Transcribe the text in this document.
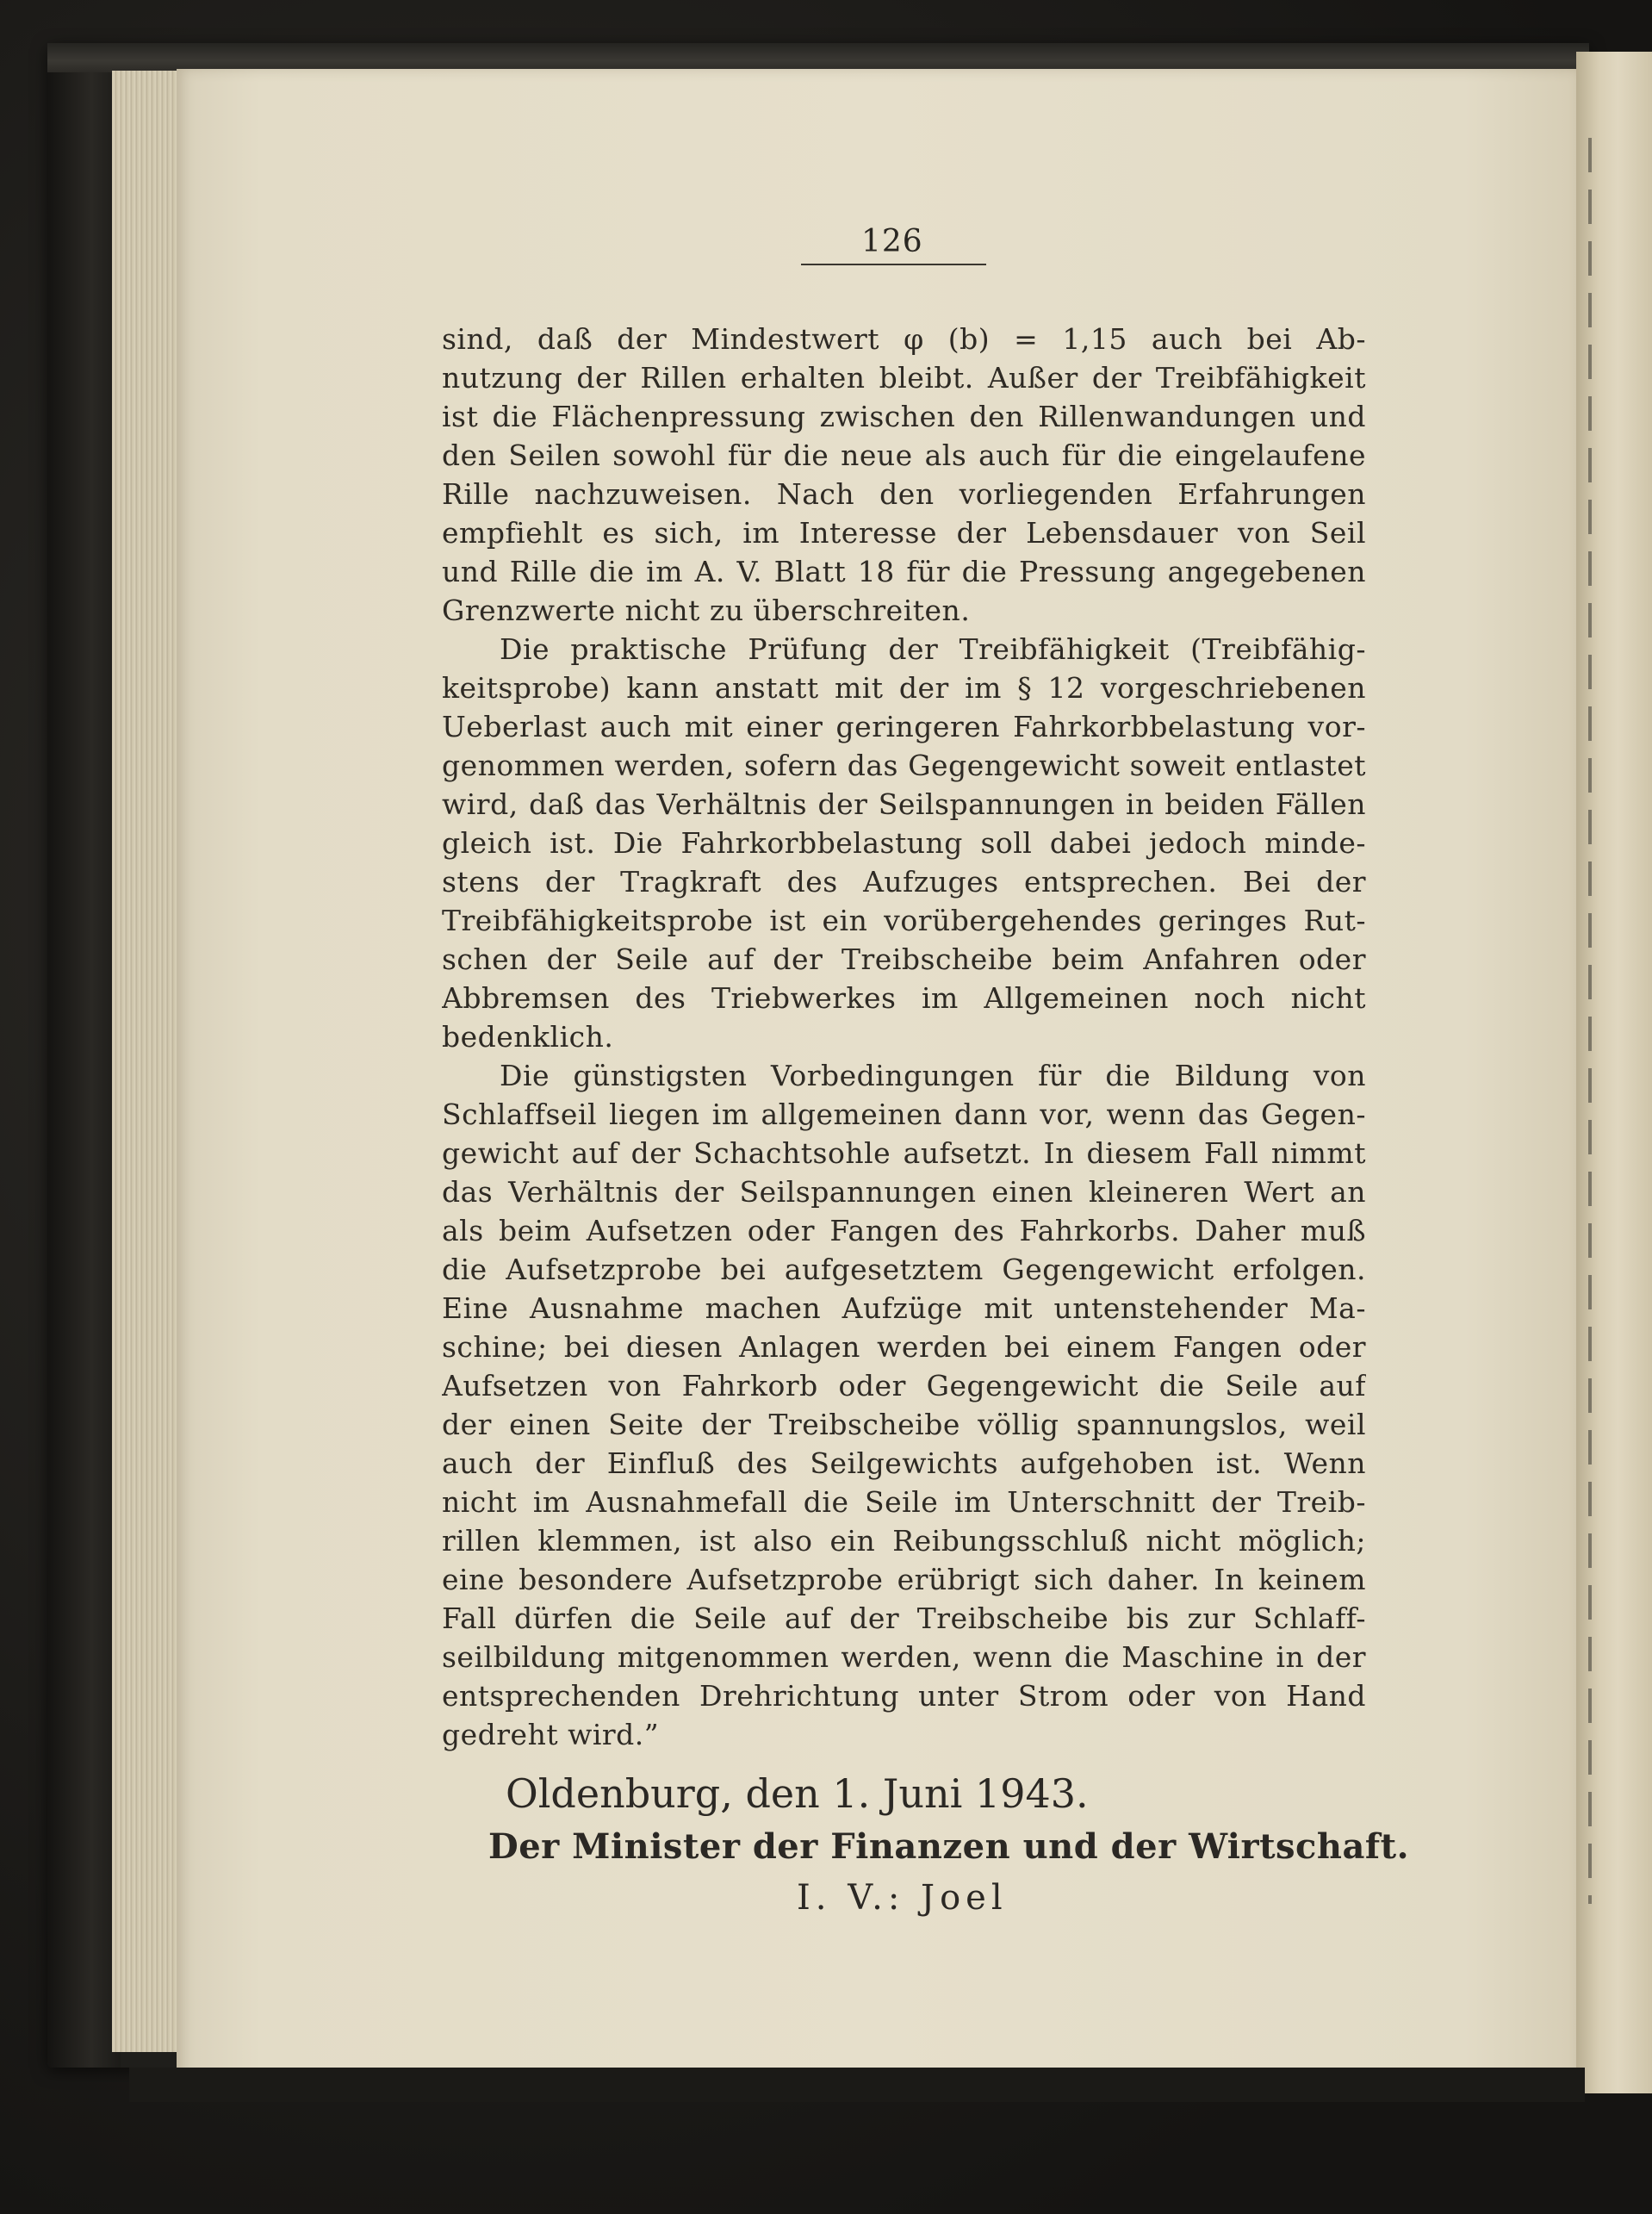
126
sind, daß der Mindestwert φ (b) = 1,15 auch bei Ab-
nutzung der Rillen erhalten bleibt. Außer der Treibfähigkeit
ist die Flächenpressung zwischen den Rillenwandungen und
den Seilen sowohl für die neue als auch für die eingelaufene
Rille nachzuweisen. Nach den vorliegenden Erfahrungen
empfiehlt es sich, im Interesse der Lebensdauer von Seil
und Rille die im A. V. Blatt 18 für die Pressung angegebenen
Grenzwerte nicht zu überschreiten.
Die praktische Prüfung der Treibfähigkeit (Treibfähig-
keitsprobe) kann anstatt mit der im § 12 vorgeschriebenen
Ueberlast auch mit einer geringeren Fahrkorbbelastung vor-
genommen werden, sofern das Gegengewicht soweit entlastet
wird, daß das Verhältnis der Seilspannungen in beiden Fällen
gleich ist. Die Fahrkorbbelastung soll dabei jedoch minde-
stens der Tragkraft des Aufzuges entsprechen. Bei der
Treibfähigkeitsprobe ist ein vorübergehendes geringes Rut-
schen der Seile auf der Treibscheibe beim Anfahren oder
Abbremsen des Triebwerkes im Allgemeinen noch nicht
bedenklich.
Die günstigsten Vorbedingungen für die Bildung von
Schlaffseil liegen im allgemeinen dann vor, wenn das Gegen-
gewicht auf der Schachtsohle aufsetzt. In diesem Fall nimmt
das Verhältnis der Seilspannungen einen kleineren Wert an
als beim Aufsetzen oder Fangen des Fahrkorbs. Daher muß
die Aufsetzprobe bei aufgesetztem Gegengewicht erfolgen.
Eine Ausnahme machen Aufzüge mit untenstehender Ma-
schine; bei diesen Anlagen werden bei einem Fangen oder
Aufsetzen von Fahrkorb oder Gegengewicht die Seile auf
der einen Seite der Treibscheibe völlig spannungslos, weil
auch der Einfluß des Seilgewichts aufgehoben ist. Wenn
nicht im Ausnahmefall die Seile im Unterschnitt der Treib-
rillen klemmen, ist also ein Reibungsschluß nicht möglich;
eine besondere Aufsetzprobe erübrigt sich daher. In keinem
Fall dürfen die Seile auf der Treibscheibe bis zur Schlaff-
seilbildung mitgenommen werden, wenn die Maschine in der
entsprechenden Drehrichtung unter Strom oder von Hand
gedreht wird.”
Oldenburg, den 1. Juni 1943.
Der Minister der Finanzen und der Wirtschaft.
I. V.: Joel
